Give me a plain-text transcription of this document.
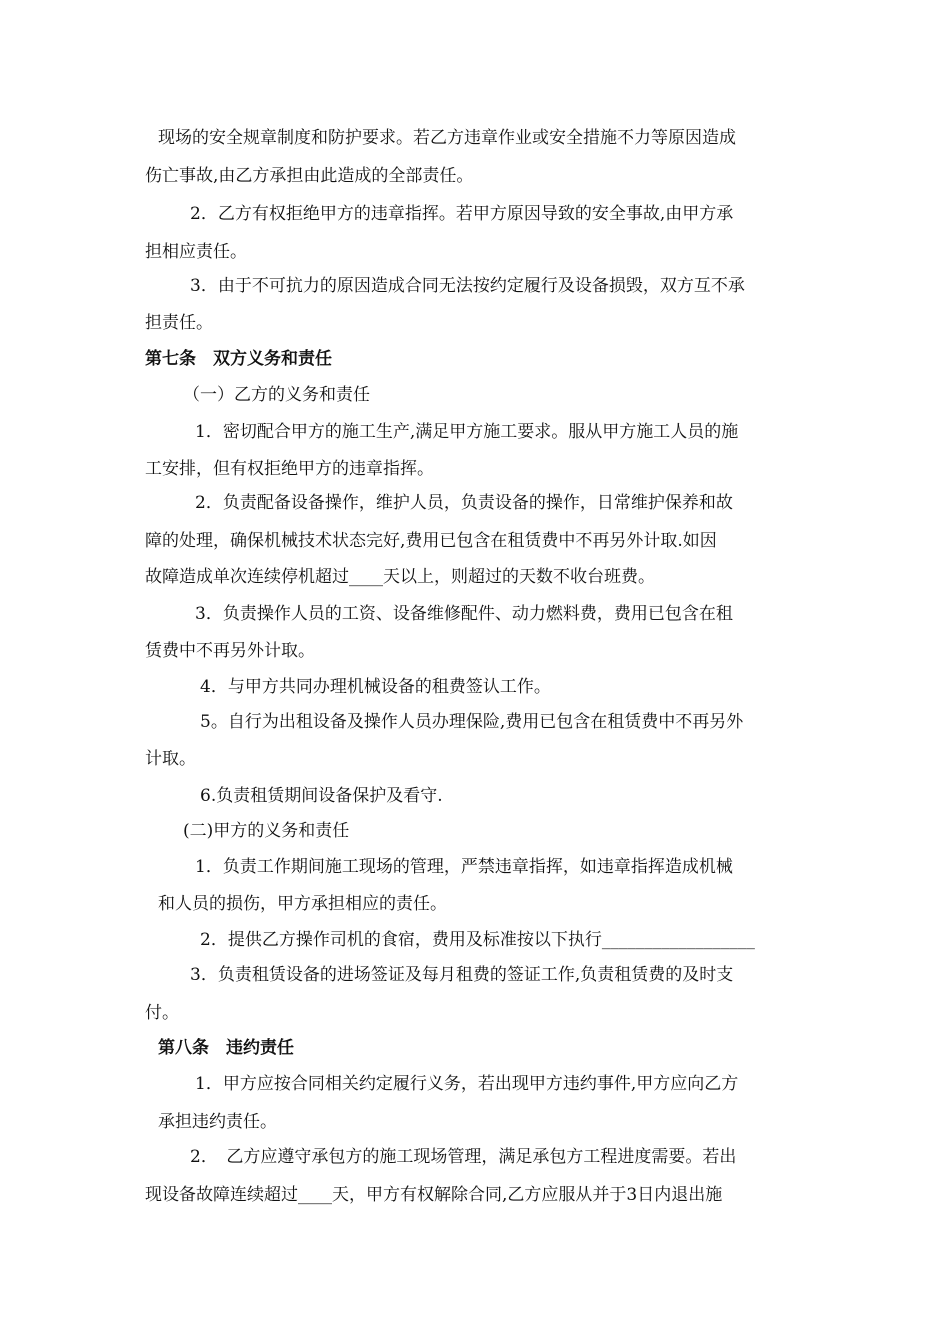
现场的安全规章制度和防护要求。若乙方违章作业或安全措施不力等原因造成
伤亡事故,由乙方承担由此造成的全部责任。
2．乙方有权拒绝甲方的违章指挥。若甲方原因导致的安全事故,由甲方承
担相应责任。
3．由于不可抗力的原因造成合同无法按约定履行及设备损毁，双方互不承
担责任。
第七条　双方义务和责任
（一）乙方的义务和责任
1．密切配合甲方的施工生产,满足甲方施工要求。服从甲方施工人员的施
工安排，但有权拒绝甲方的违章指挥。
2．负责配备设备操作，维护人员，负责设备的操作，日常维护保养和故
障的处理，确保机械技术状态完好,费用已包含在租赁费中不再另外计取.如因
故障造成单次连续停机超过____天以上，则超过的天数不收台班费。
3．负责操作人员的工资、设备维修配件、动力燃料费，费用已包含在租
赁费中不再另外计取。
4．与甲方共同办理机械设备的租费签认工作。
5。自行为出租设备及操作人员办理保险,费用已包含在租赁费中不再另外
计取。
6.负责租赁期间设备保护及看守.
(二)甲方的义务和责任
1．负责工作期间施工现场的管理，严禁违章指挥，如违章指挥造成机械
和人员的损伤，甲方承担相应的责任。
2．提供乙方操作司机的食宿，费用及标准按以下执行__________________
3．负责租赁设备的进场签证及每月租费的签证工作,负责租赁费的及时支
付。
第八条　违约责任
1．甲方应按合同相关约定履行义务，若出现甲方违约事件,甲方应向乙方
承担违约责任。
2．　乙方应遵守承包方的施工现场管理，满足承包方工程进度需要。若出
现设备故障连续超过____天，甲方有权解除合同,乙方应服从并于3日内退出施
